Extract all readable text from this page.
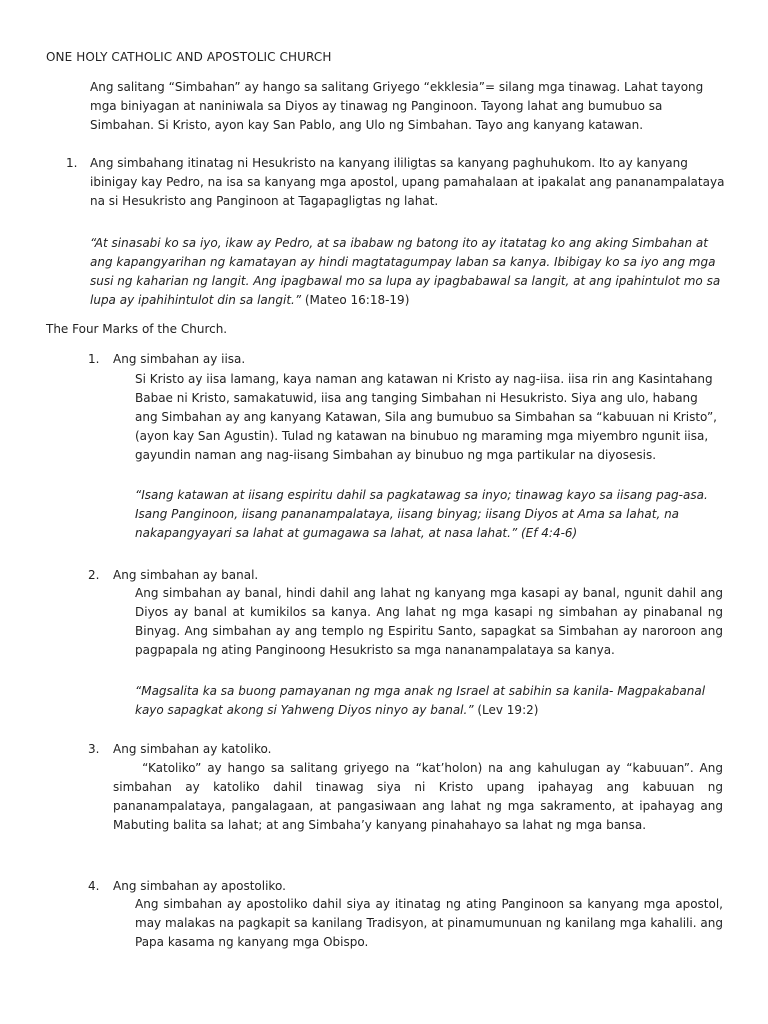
ONE HOLY CATHOLIC AND APOSTOLIC CHURCH

Ang salitang “Simbahan” ay hango sa salitang Griyego “ekklesia”= silang mga tinawag. Lahat tayong mga biniyagan at naniniwala sa Diyos ay tinawag ng Panginoon. Tayong lahat ang bumubuo sa Simbahan. Si Kristo, ayon kay San Pablo, ang Ulo ng Simbahan. Tayo ang kanyang katawan.

1. Ang simbahang itinatag ni Hesukristo na kanyang ililigtas sa kanyang paghuhukom. Ito ay kanyang ibinigay kay Pedro, na isa sa kanyang mga apostol, upang pamahalaan at ipakalat ang pananampalataya na si Hesukristo ang Panginoon at Tagapagligtas ng lahat.

“At sinasabi ko sa iyo, ikaw ay Pedro, at sa ibabaw ng batong ito ay itatatag ko ang aking Simbahan at ang kapangyarihan ng kamatayan ay hindi magtatagumpay laban sa kanya. Ibibigay ko sa iyo ang mga susi ng kaharian ng langit. Ang ipagbawal mo sa lupa ay ipagbabawal sa langit, at ang ipahintulot mo sa lupa ay ipahihintulot din sa langit.” (Mateo 16:18-19)

The Four Marks of the Church.
1. Ang simbahan ay iisa.

Si Kristo ay iisa lamang, kaya naman ang katawan ni Kristo ay nag-iisa. iisa rin ang Kasintahang Babae ni Kristo, samakatuwid, iisa ang tanging Simbahan ni Hesukristo. Siya ang ulo, habang ang Simbahan ay ang kanyang Katawan, Sila ang bumubuo sa Simbahan sa “kabuuan ni Kristo”, (ayon kay San Agustin). Tulad ng katawan na binubuo ng maraming mga miyembro ngunit iisa, gayundin naman ang nag-iisang Simbahan ay binubuo ng mga partikular na diyosesis.

“Isang katawan at iisang espiritu dahil sa pagkatawag sa inyo; tinawag kayo sa iisang pag-asa. Isang Panginoon, iisang pananampalataya, iisang binyag; iisang Diyos at Ama sa lahat, na nakapangyayari sa lahat at gumagawa sa lahat, at nasa lahat.” (Ef 4:4-6)

2. Ang simbahan ay banal.

Ang simbahan ay banal, hindi dahil ang lahat ng kanyang mga kasapi ay banal, ngunit dahil ang Diyos ay banal at kumikilos sa kanya. Ang lahat ng mga kasapi ng simbahan ay pinabanal ng Binyag. Ang simbahan ay ang templo ng Espiritu Santo, sapagkat sa Simbahan ay naroroon ang pagpapala ng ating Panginoong Hesukristo sa mga nananampalataya sa kanya.

“Magsalita ka sa buong pamayanan ng mga anak ng Israel at sabihin sa kanila- Magpakabanal kayo sapagkat akong si Yahweng Diyos ninyo ay banal.” (Lev 19:2)

3. Ang simbahan ay katoliko.

“Katoliko” ay hango sa salitang griyego na “kat’holon) na ang kahulugan ay “kabuuan”. Ang simbahan ay katoliko dahil tinawag siya ni Kristo upang ipahayag ang kabuuan ng pananampalataya, pangalagaan, at pangasiwaan ang lahat ng mga sakramento, at ipahayag ang Mabuting balita sa lahat; at ang Simbaha’y kanyang pinahahayo sa lahat ng mga bansa.

4. Ang simbahan ay apostoliko.

Ang simbahan ay apostoliko dahil siya ay itinatag ng ating Panginoon sa kanyang mga apostol, may malakas na pagkapit sa kanilang Tradisyon, at pinamumunuan ng kanilang mga kahalili. ang Papa kasama ng kanyang mga Obispo.
